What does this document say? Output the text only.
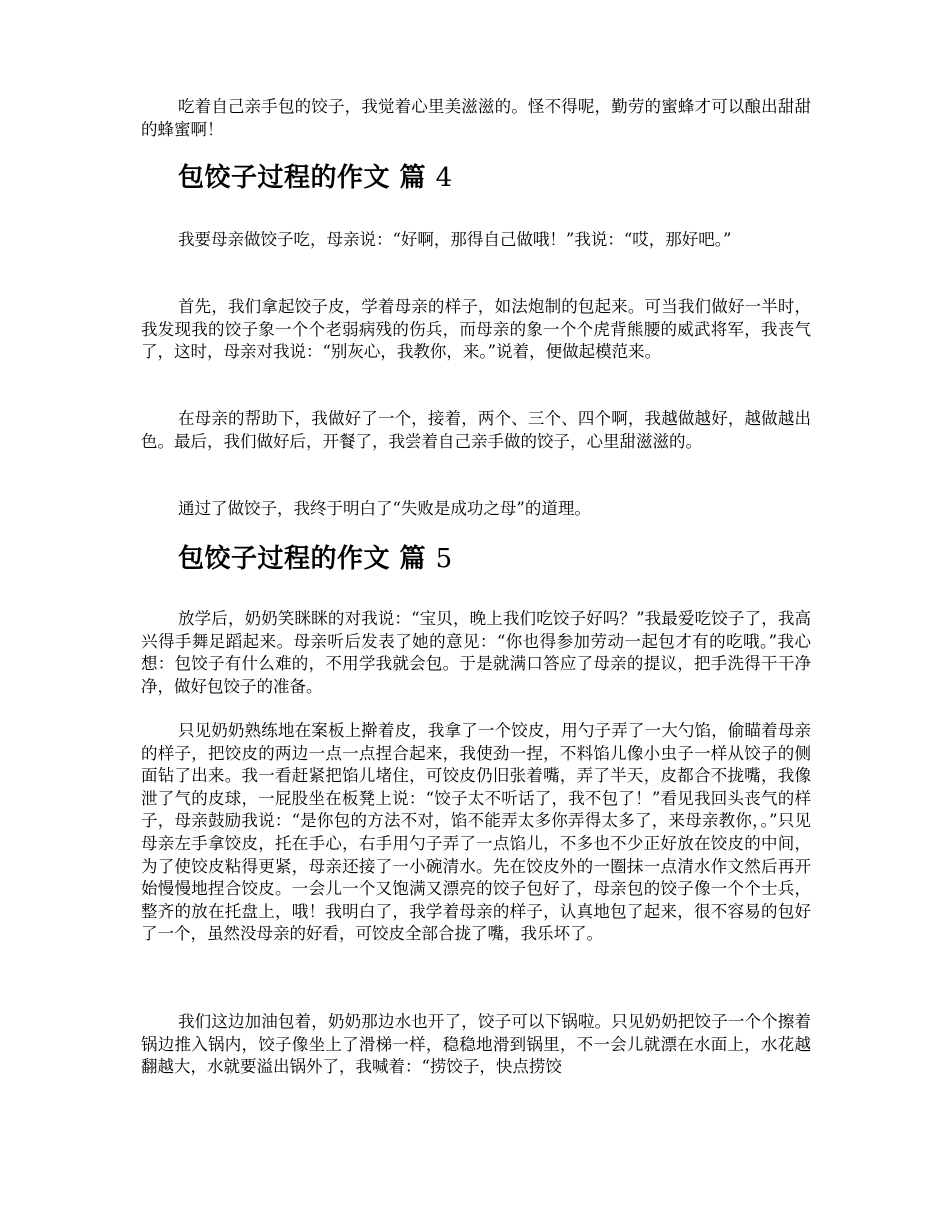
吃着自己亲手包的饺子，我觉着心里美滋滋的。怪不得呢，勤劳的蜜蜂才可以酿出甜甜的蜂蜜啊！

包饺子过程的作文 篇 4

我要母亲做饺子吃，母亲说：“好啊，那得自己做哦！”我说：“哎，那好吧。”

首先，我们拿起饺子皮，学着母亲的样子，如法炮制的包起来。可当我们做好一半时，我发现我的饺子象一个个老弱病残的伤兵，而母亲的象一个个虎背熊腰的威武将军，我丧气了，这时，母亲对我说：“别灰心，我教你，来。”说着，便做起模范来。

在母亲的帮助下，我做好了一个，接着，两个、三个、四个啊，我越做越好，越做越出色。最后，我们做好后，开餐了，我尝着自己亲手做的饺子，心里甜滋滋的。

通过了做饺子，我终于明白了“失败是成功之母”的道理。

包饺子过程的作文 篇 5

放学后，奶奶笑眯眯的对我说：“宝贝，晚上我们吃饺子好吗？”我最爱吃饺子了，我高兴得手舞足蹈起来。母亲听后发表了她的意见：“你也得参加劳动一起包才有的吃哦。”我心想：包饺子有什么难的，不用学我就会包。于是就满口答应了母亲的提议，把手洗得干干净净，做好包饺子的准备。

只见奶奶熟练地在案板上擀着皮，我拿了一个饺皮，用勺子弄了一大勺馅，偷瞄着母亲的样子，把饺皮的两边一点一点捏合起来，我使劲一捏，不料馅儿像小虫子一样从饺子的侧面钻了出来。我一看赶紧把馅儿堵住，可饺皮仍旧张着嘴，弄了半天，皮都合不拢嘴，我像泄了气的皮球，一屁股坐在板凳上说：“饺子太不听话了，我不包了！”看见我回头丧气的样子，母亲鼓励我说：“是你包的方法不对，馅不能弄太多你弄得太多了，来母亲教你，。”只见母亲左手拿饺皮，托在手心，右手用勺子弄了一点馅儿，不多也不少正好放在饺皮的中间，为了使饺皮粘得更紧，母亲还接了一小碗清水。先在饺皮外的一圈抹一点清水作文然后再开始慢慢地捏合饺皮。一会儿一个又饱满又漂亮的饺子包好了，母亲包的饺子像一个个士兵，整齐的放在托盘上，哦！我明白了，我学着母亲的样子，认真地包了起来，很不容易的包好了一个，虽然没母亲的好看，可饺皮全部合拢了嘴，我乐坏了。

我们这边加油包着，奶奶那边水也开了，饺子可以下锅啦。只见奶奶把饺子一个个擦着锅边推入锅内，饺子像坐上了滑梯一样，稳稳地滑到锅里，不一会儿就漂在水面上，水花越翻越大，水就要溢出锅外了，我喊着：“捞饺子，快点捞饺
